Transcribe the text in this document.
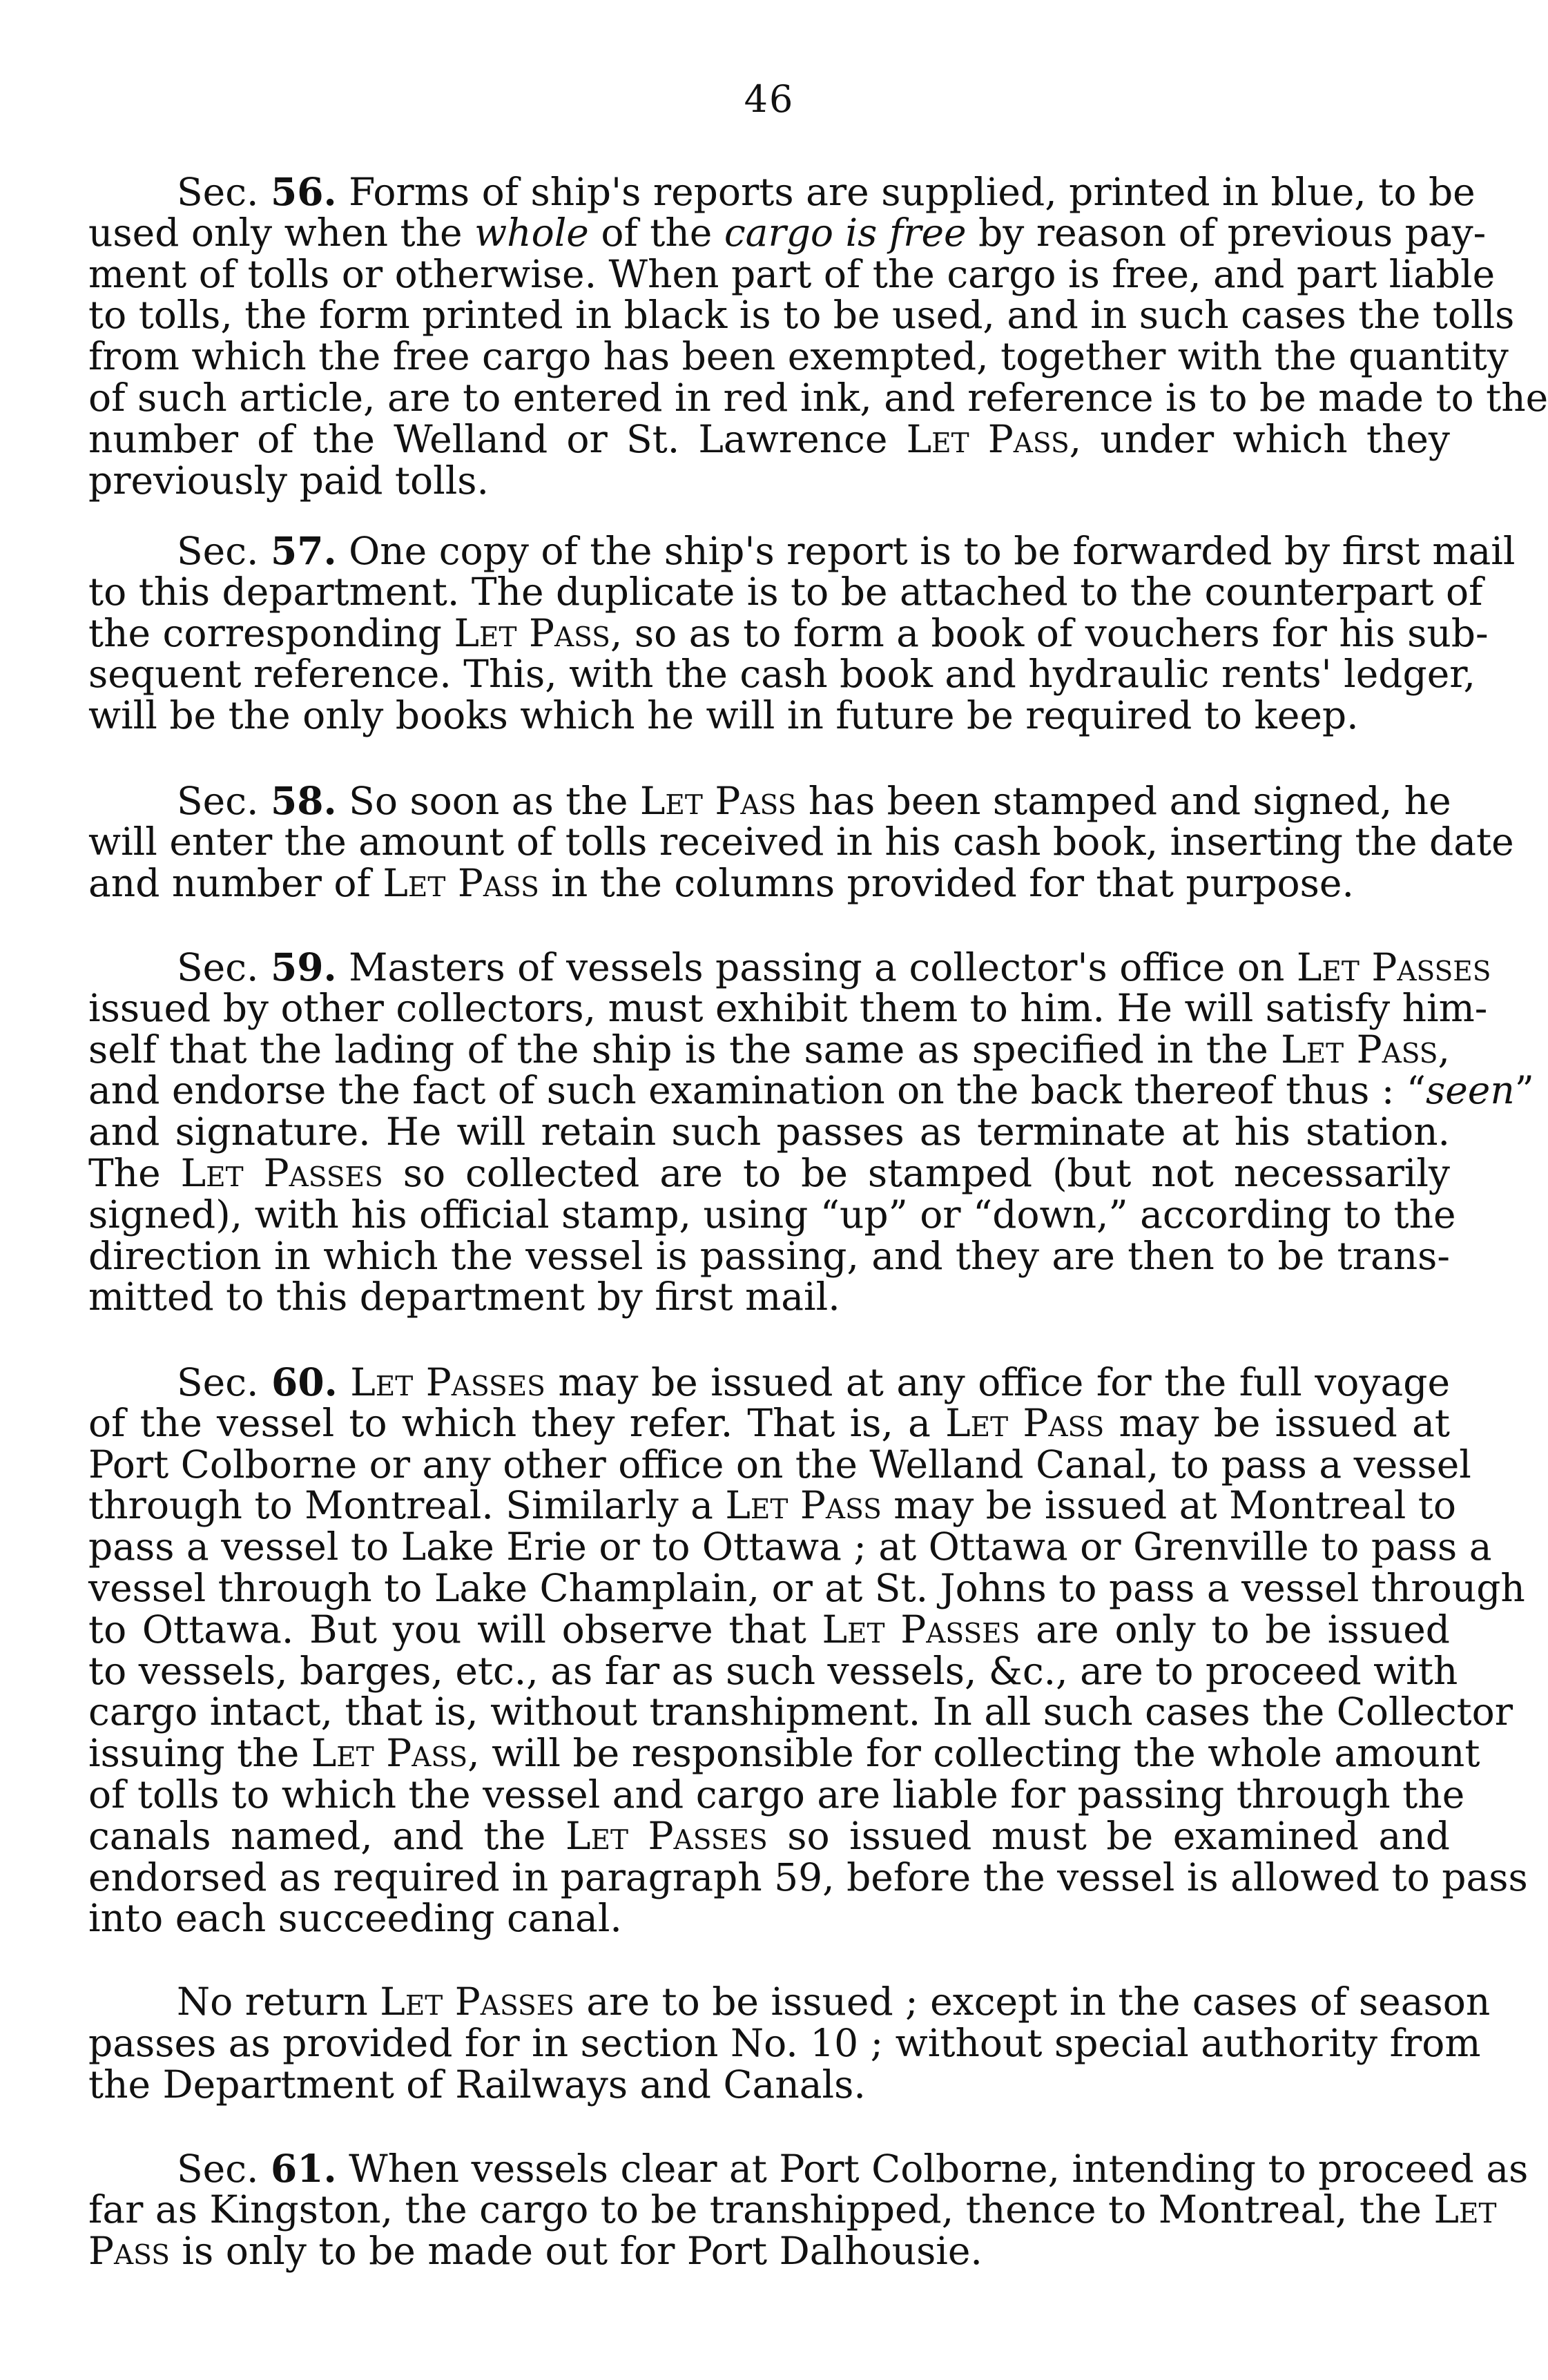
46
Sec. 56. Forms of ship's reports are supplied, printed in blue, to be
used only when the whole of the cargo is free by reason of previous pay-
ment of tolls or otherwise. When part of the cargo is free, and part liable
to tolls, the form printed in black is to be used, and in such cases the tolls
from which the free cargo has been exempted, together with the quantity
of such article, are to entered in red ink, and reference is to be made to the
number of the Welland or St. Lawrence Let Pass, under which they
previously paid tolls.
Sec. 57. One copy of the ship's report is to be forwarded by first mail
to this department. The duplicate is to be attached to the counterpart of
the corresponding Let Pass, so as to form a book of vouchers for his sub-
sequent reference. This, with the cash book and hydraulic rents' ledger,
will be the only books which he will in future be required to keep.
Sec. 58. So soon as the Let Pass has been stamped and signed, he
will enter the amount of tolls received in his cash book, inserting the date
and number of Let Pass in the columns provided for that purpose.
Sec. 59. Masters of vessels passing a collector's office on Let Passes
issued by other collectors, must exhibit them to him. He will satisfy him-
self that the lading of the ship is the same as specified in the Let Pass,
and endorse the fact of such examination on the back thereof thus : “seen”
and signature. He will retain such passes as terminate at his station.
The Let Passes so collected are to be stamped (but not necessarily
signed), with his official stamp, using “up” or “down,” according to the
direction in which the vessel is passing, and they are then to be trans-
mitted to this department by first mail.
Sec. 60. Let Passes may be issued at any office for the full voyage
of the vessel to which they refer. That is, a Let Pass may be issued at
Port Colborne or any other office on the Welland Canal, to pass a vessel
through to Montreal. Similarly a Let Pass may be issued at Montreal to
pass a vessel to Lake Erie or to Ottawa ; at Ottawa or Grenville to pass a
vessel through to Lake Champlain, or at St. Johns to pass a vessel through
to Ottawa. But you will observe that Let Passes are only to be issued
to vessels, barges, etc., as far as such vessels, &c., are to proceed with
cargo intact, that is, without transhipment. In all such cases the Collector
issuing the Let Pass, will be responsible for collecting the whole amount
of tolls to which the vessel and cargo are liable for passing through the
canals named, and the Let Passes so issued must be examined and
endorsed as required in paragraph 59, before the vessel is allowed to pass
into each succeeding canal.
No return Let Passes are to be issued ; except in the cases of season
passes as provided for in section No. 10 ; without special authority from
the Department of Railways and Canals.
Sec. 61. When vessels clear at Port Colborne, intending to proceed as
far as Kingston, the cargo to be transhipped, thence to Montreal, the Let
Pass is only to be made out for Port Dalhousie.
